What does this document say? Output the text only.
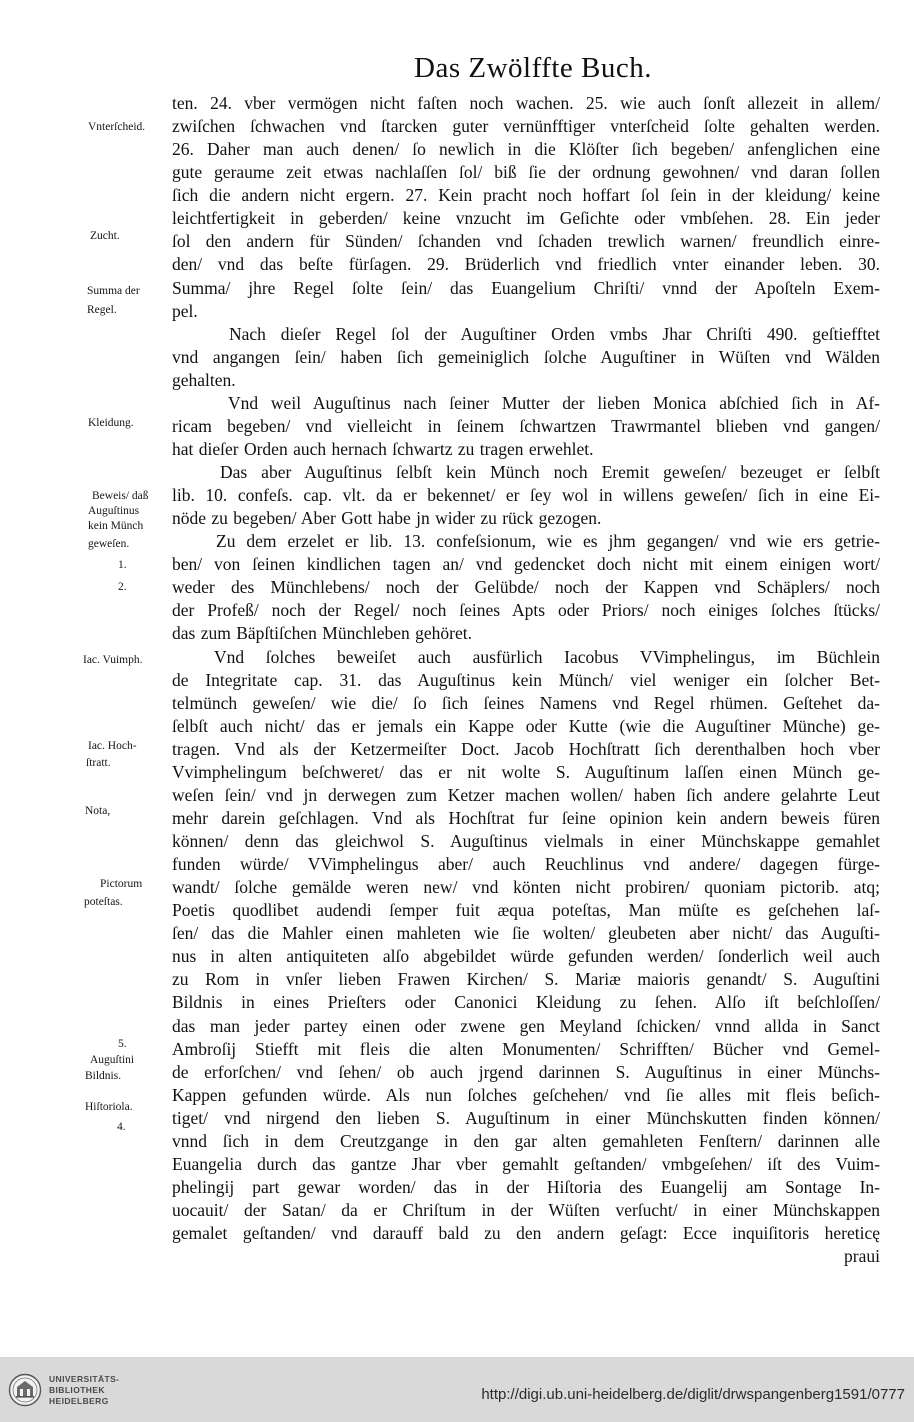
Das Zwölffte Buch.
Vnterſcheid.
Zucht.
Summa der
Regel.
Kleidung.
Beweis/ daß
Auguſtinus
kein Münch
geweſen.
1.
2.
Iac. Vuimph.
Iac. Hoch-
ſtratt.
Nota,
Pictorum
poteſtas.
5.
Auguſtini
Bildnis.
Hiſtoriola.
4.
ten. 24. vber vermögen nicht faſten noch wachen. 25. wie auch ſonſt allezeit in allem/
zwiſchen ſchwachen vnd ſtarcken guter vernünfftiger vnterſcheid ſolte gehalten werden.
26. Daher man auch denen/ ſo newlich in die Klöſter ſich begeben/ anfenglichen eine
gute geraume zeit etwas nachlaſſen ſol/ biß ſie der ordnung gewohnen/ vnd daran ſollen
ſich die andern nicht ergern. 27. Kein pracht noch hoffart ſol ſein in der kleidung/ keine
leichtfertigkeit in geberden/ keine vnzucht im Geſichte oder vmbſehen. 28. Ein jeder
ſol den andern für Sünden/ ſchanden vnd ſchaden trewlich warnen/ freundlich einre-
den/ vnd das beſte fürſagen. 29. Brüderlich vnd friedlich vnter einander leben. 30.
Summa/ jhre Regel ſolte ſein/ das Euangelium Chriſti/ vnnd der Apoſteln Exem-
pel.
Nach dieſer Regel ſol der Auguſtiner Orden vmbs Jhar Chriſti 490. geſtiefftet
vnd angangen ſein/ haben ſich gemeiniglich ſolche Auguſtiner in Wüſten vnd Wälden
gehalten.
Vnd weil Auguſtinus nach ſeiner Mutter der lieben Monica abſchied ſich in Af-
ricam begeben/ vnd vielleicht in ſeinem ſchwartzen Trawrmantel blieben vnd gangen/
hat dieſer Orden auch hernach ſchwartz zu tragen erwehlet.
Das aber Auguſtinus ſelbſt kein Münch noch Eremit geweſen/ bezeuget er ſelbſt
lib. 10. confeſs. cap. vlt. da er bekennet/ er ſey wol in willens geweſen/ ſich in eine Ei-
nöde zu begeben/ Aber Gott habe jn wider zu rück gezogen.
Zu dem erzelet er lib. 13. confeſsionum, wie es jhm gegangen/ vnd wie ers getrie-
ben/ von ſeinen kindlichen tagen an/ vnd gedencket doch nicht mit einem einigen wort/
weder des Münchlebens/ noch der Gelübde/ noch der Kappen vnd Schäplers/ noch
der Profeß/ noch der Regel/ noch ſeines Apts oder Priors/ noch einiges ſolches ſtücks/
das zum Bäpſtiſchen Münchleben gehöret.
Vnd ſolches beweiſet auch ausfürlich Iacobus VVimphelingus, im Büchlein
de Integritate cap. 31. das Auguſtinus kein Münch/ viel weniger ein ſolcher Bet-
telmünch geweſen/ wie die/ ſo ſich ſeines Namens vnd Regel rhümen. Geſtehet da-
ſelbſt auch nicht/ das er jemals ein Kappe oder Kutte (wie die Auguſtiner Münche) ge-
tragen. Vnd als der Ketzermeiſter Doct. Jacob Hochſtratt ſich derenthalben hoch vber
Vvimphelingum beſchweret/ das er nit wolte S. Auguſtinum laſſen einen Münch ge-
weſen ſein/ vnd jn derwegen zum Ketzer machen wollen/ haben ſich andere gelahrte Leut
mehr darein geſchlagen. Vnd als Hochſtrat fur ſeine opinion kein andern beweis füren
können/ denn das gleichwol S. Auguſtinus vielmals in einer Münchskappe gemahlet
funden würde/ VVimphelingus aber/ auch Reuchlinus vnd andere/ dagegen fürge-
wandt/ ſolche gemälde weren new/ vnd könten nicht probiren/ quoniam pictorib. atq;
Poetis quodlibet audendi ſemper fuit æqua poteſtas, Man müſte es geſchehen laſ-
ſen/ das die Mahler einen mahleten wie ſie wolten/ gleubeten aber nicht/ das Auguſti-
nus in alten antiquiteten alſo abgebildet würde gefunden werden/ ſonderlich weil auch
zu Rom in vnſer lieben Frawen Kirchen/ S. Mariæ maioris genandt/ S. Auguſtini
Bildnis in eines Prieſters oder Canonici Kleidung zu ſehen. Alſo iſt beſchloſſen/
das man jeder partey einen oder zwene gen Meyland ſchicken/ vnnd allda in Sanct
Ambroſij Stiefft mit fleis die alten Monumenten/ Schrifften/ Bücher vnd Gemel-
de erforſchen/ vnd ſehen/ ob auch jrgend darinnen S. Auguſtinus in einer Münchs-
Kappen gefunden würde. Als nun ſolches geſchehen/ vnd ſie alles mit fleis beſich-
tiget/ vnd nirgend den lieben S. Auguſtinum in einer Münchskutten finden können/
vnnd ſich in dem Creutzgange in den gar alten gemahleten Fenſtern/ darinnen alle
Euangelia durch das gantze Jhar vber gemahlt geſtanden/ vmbgeſehen/ iſt des Vuim-
phelingij part gewar worden/ das in der Hiſtoria des Euangelij am Sontage In-
uocauit/ der Satan/ da er Chriſtum in der Wüſten verſucht/ in einer Münchskappen
gemalet geſtanden/ vnd darauff bald zu den andern geſagt: Ecce inquiſitoris hereticę
praui
UNIVERSITÄTS-
BIBLIOTHEK
HEIDELBERG	http://digi.ub.uni-heidelberg.de/diglit/drwspangenberg1591/0777
